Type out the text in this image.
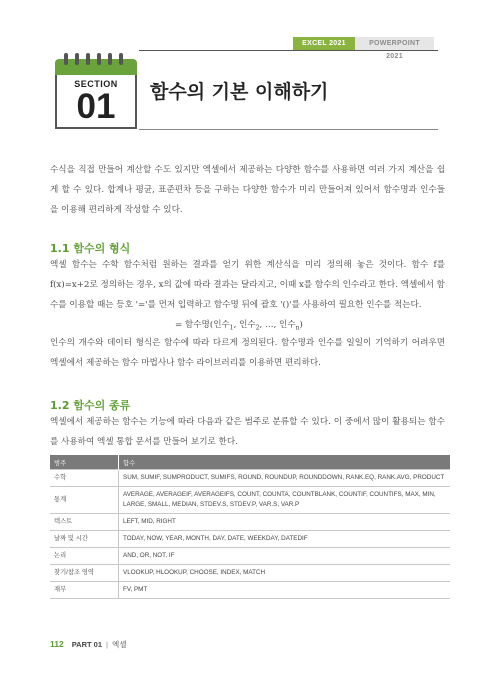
EXCEL 2021	POWERPOINT 2021
SECTION
01	함수의 기본 이해하기
수식을 직접 만들어 계산할 수도 있지만 엑셀에서 제공하는 다양한 함수를 사용하면 여러 가지 계산을 쉽게 할 수 있다. 합계나 평균, 표준편차 등을 구하는 다양한 함수가 미리 만들어져 있어서 함수명과 인수들을 이용해 편리하게 작성할 수 있다.
1.1 함수의 형식
엑셀 함수는 수학 함수처럼 원하는 결과를 얻기 위한 계산식을 미리 정의해 놓은 것이다. 함수 f를 f(x)=x+2로 정의하는 경우, x의 값에 따라 결과는 달라지고, 이때 x를 함수의 인수라고 한다. 엑셀에서 함수를 이용할 때는 등호 '='를 먼저 입력하고 함수명 뒤에 괄호 '()'를 사용하여 필요한 인수를 적는다.
= 함수명(인수$_1$, 인수$_2$, …, 인수$_n$)
인수의 개수와 데이터 형식은 함수에 따라 다르게 정의된다. 함수명과 인수를 일일이 기억하기 어려우면 엑셀에서 제공하는 함수 마법사나 함수 라이브러리를 이용하면 편리하다.
1.2 함수의 종류
엑셀에서 제공하는 함수는 기능에 따라 다음과 같은 범주로 분류할 수 있다. 이 중에서 많이 활용되는 함수를 사용하여 엑셀 통합 문서를 만들어 보기로 한다.
범주	함수
수학	SUM, SUMIF, SUMPRODUCT, SUMIFS, ROUND, ROUNDUP, ROUNDDOWN, RANK.EQ, RANK.AVG, PRODUCT
통계	AVERAGE, AVERAGEIF, AVERAGEIFS, COUNT, COUNTA, COUNTBLANK, COUNTIF, COUNTIFS, MAX, MIN, LARGE, SMALL, MEDIAN, STDEV.S, STDEV.P, VAR.S, VAR.P
텍스트	LEFT, MID, RIGHT
날짜 및 시간	TODAY, NOW, YEAR, MONTH, DAY, DATE, WEEKDAY, DATEDIF
논리	AND, OR, NOT, IF
찾기/참조 영역	VLOOKUP, HLOOKUP, CHOOSE, INDEX, MATCH
재무	FV, PMT
112 PART 01 | 엑셀
